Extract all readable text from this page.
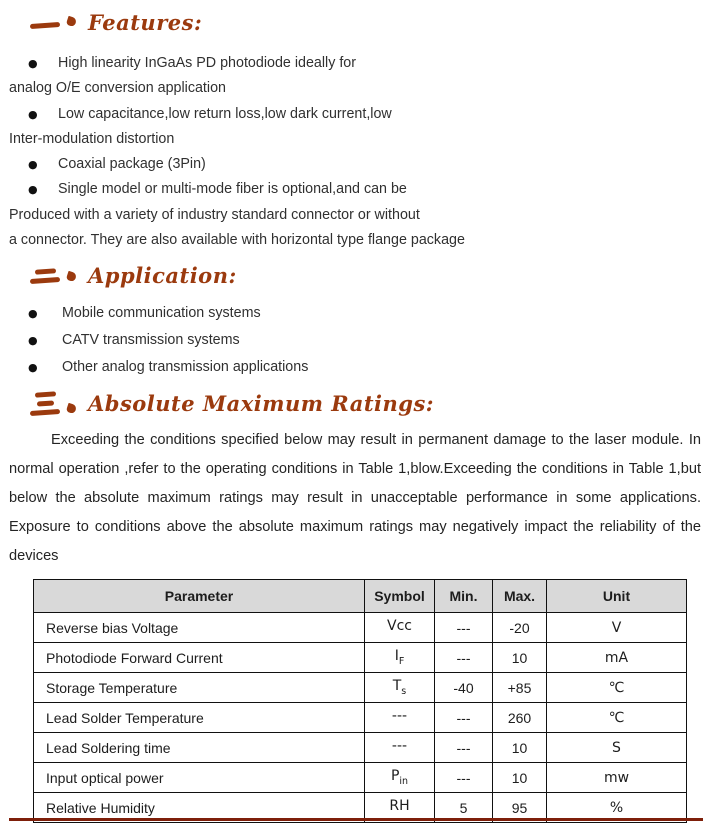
Features:
●	High linearity InGaAs PD photodiode ideally for
analog O/E conversion application
●	Low capacitance,low return loss,low dark current,low
Inter-modulation distortion
●	Coaxial package (3Pin)
●	Single model or multi-mode fiber is optional,and can be
Produced with a variety of industry standard connector or without
a connector. They are also available with horizontal type flange package
Application:
●	Mobile communication systems
●	CATV transmission systems
●	Other analog transmission applications
Absolute Maximum Ratings:

Exceeding the conditions specified below may result in permanent damage to the laser module. In normal operation ,refer to the operating conditions in Table 1,blow.Exceeding the conditions in Table 1,but below the absolute maximum ratings may result in unacceptable performance in some applications. Exposure to conditions above the absolute maximum ratings may negatively impact the reliability of the devices

Parameter	Symbol	Min.	Max.	Unit
Reverse bias Voltage	Vcc	---	-20	V
Photodiode Forward Current	$I_F$	---	10	mA
Storage Temperature	$T_s$	-40	+85	℃
Lead Solder Temperature	---	---	260	℃
Lead Soldering time	---	---	10	S
Input optical power	$P_{in}$	---	10	mw
Relative Humidity	RH	5	95	%
